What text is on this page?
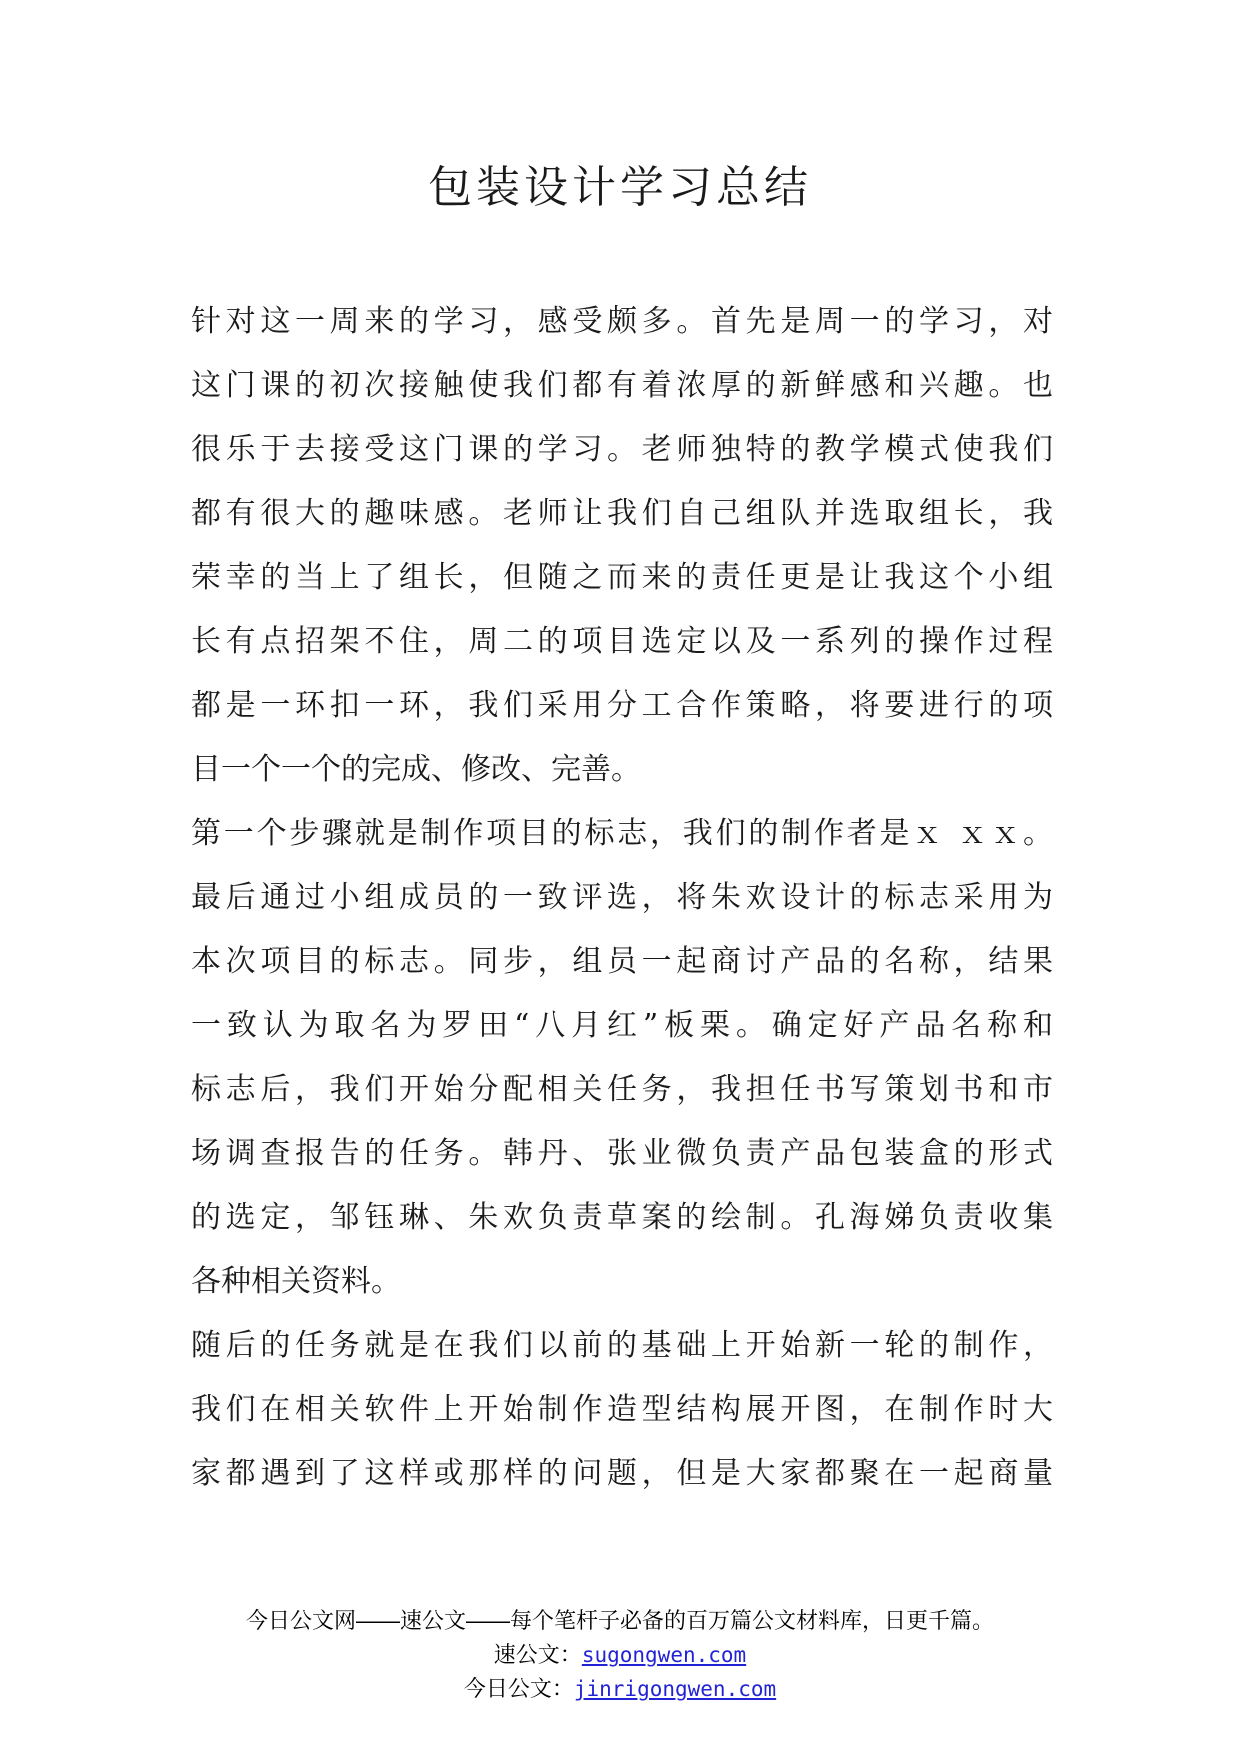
包装设计学习总结
针对这一周来的学习，感受颇多。首先是周一的学习，对
这门课的初次接触使我们都有着浓厚的新鲜感和兴趣。也
很乐于去接受这门课的学习。老师独特的教学模式使我们
都有很大的趣味感。老师让我们自己组队并选取组长，我
荣幸的当上了组长，但随之而来的责任更是让我这个小组
长有点招架不住，周二的项目选定以及一系列的操作过程
都是一环扣一环，我们采用分工合作策略，将要进行的项
目一个一个的完成、修改、完善。
第一个步骤就是制作项目的标志，我们的制作者是ｘ ｘｘ。
最后通过小组成员的一致评选，将朱欢设计的标志采用为
本次项目的标志。同步，组员一起商讨产品的名称，结果
一致认为取名为罗田“八月红”板栗。确定好产品名称和
标志后，我们开始分配相关任务，我担任书写策划书和市
场调查报告的任务。韩丹、张业微负责产品包装盒的形式
的选定，邹钰琳、朱欢负责草案的绘制。孔海娣负责收集
各种相关资料。
随后的任务就是在我们以前的基础上开始新一轮的制作，
我们在相关软件上开始制作造型结构展开图，在制作时大
家都遇到了这样或那样的问题，但是大家都聚在一起商量
今日公文网——速公文——每个笔杆子必备的百万篇公文材料库，日更千篇。
速公文：sugongwen.com
今日公文：jinrigongwen.com
